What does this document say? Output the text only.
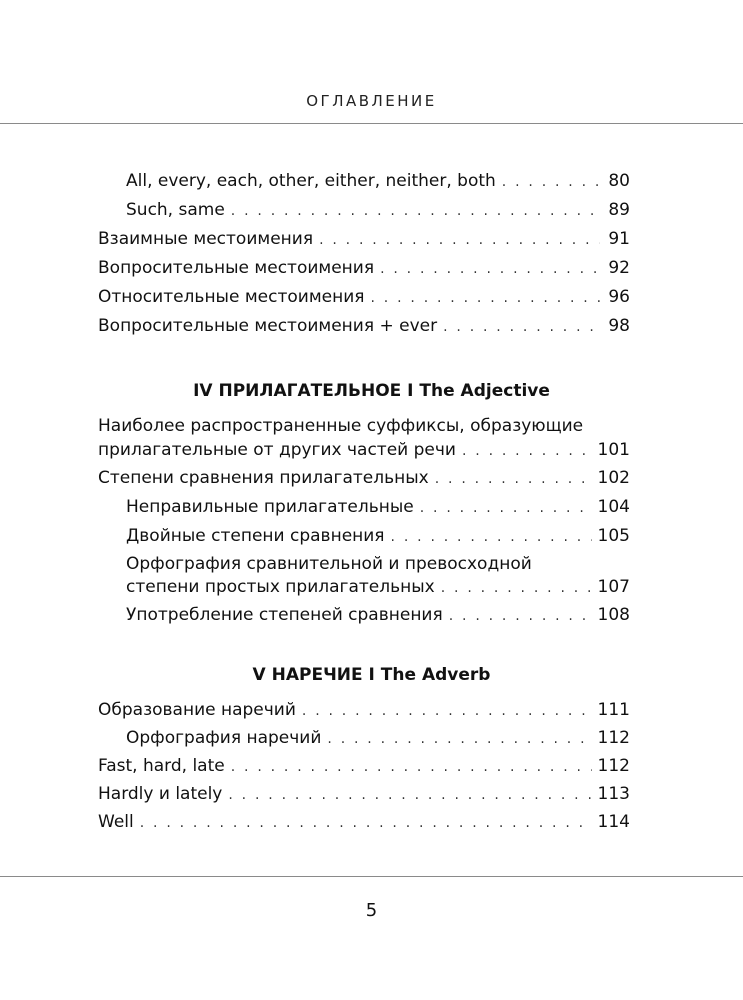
ОГЛАВЛЕНИЕ
All, every, each, other, either, neither, both . . .	80
Such, same . . .	89
Взаимные местоимения . . .	91
Вопросительные местоимения . . .	92
Относительные местоимения . . .	96
Вопросительные местоимения + ever . . .	98
IV ПРИЛАГАТЕЛЬНОЕ I The Adjective
Наиболее распространенные суффиксы, образующие
прилагательные от других частей речи . . .	101
Степени сравнения прилагательных . . .	102
Неправильные прилагательные . . .	104
Двойные степени сравнения . . .	105
Орфография сравнительной и превосходной
степени простых прилагательных . . .	107
Употребление степеней сравнения . . .	108
V НАРЕЧИЕ I The Adverb
Образование наречий . . .	111
Орфография наречий . . .	112
Fast, hard, late . . .	112
Hardly и lately . . .	113
Well . . .	114
5
